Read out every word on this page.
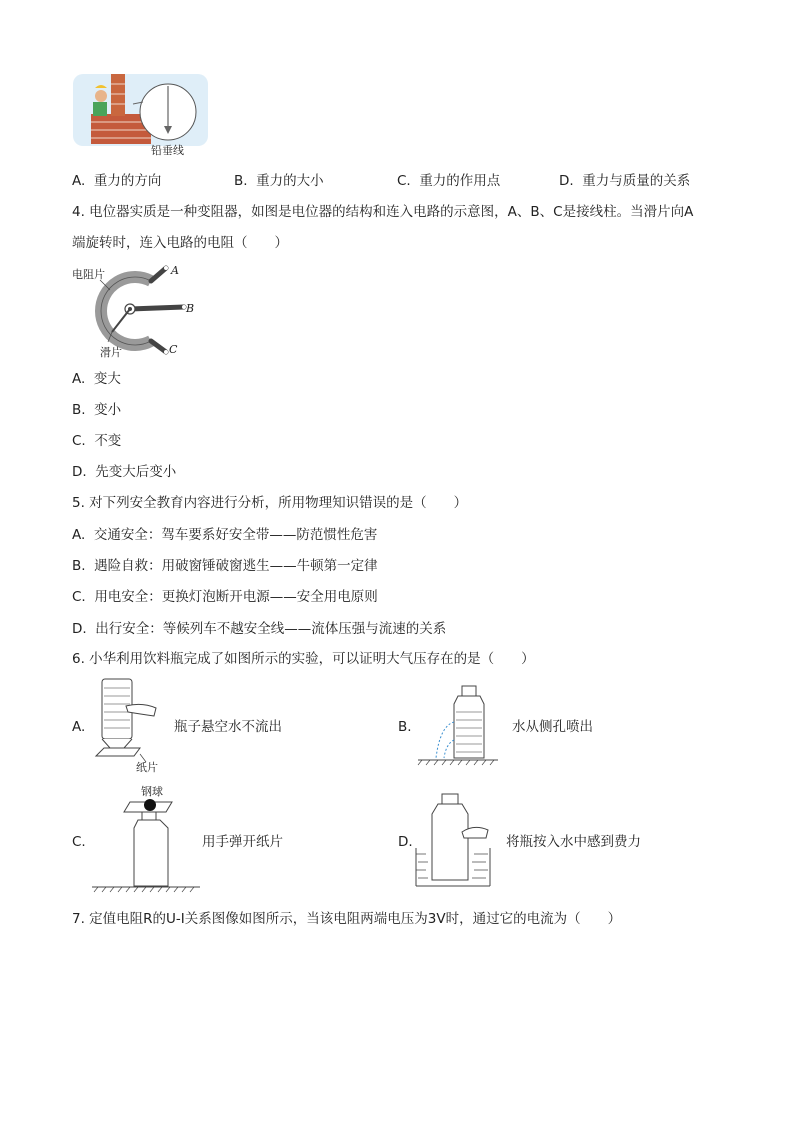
铅垂线
A. 重力的方向	B. 重力的大小	C. 重力的作用点	D. 重力与质量的关系
4. 电位器实质是一种变阻器，如图是电位器的结构和连入电路的示意图，A、B、C是接线柱。当滑片向A
端旋转时，连入电路的电阻（　　）
电阻片
滑片
A
B
C
A. 变大
B. 变小
C. 不变
D. 先变大后变小
5. 对下列安全教育内容进行分析，所用物理知识错误的是（　　）
A. 交通安全：驾车要系好安全带——防范惯性危害
B. 遇险自救：用破窗锤破窗逃生——牛顿第一定律
C. 用电安全：更换灯泡断开电源——安全用电原则
D. 出行安全：等候列车不越安全线——流体压强与流速的关系
6. 小华利用饮料瓶完成了如图所示的实验，可以证明大气压存在的是（　　）
A.
纸片
瓶子悬空水不流出	B.	水从侧孔喷出
C.
钢球
用手弹开纸片	D.	将瓶按入水中感到费力
7. 定值电阻R的U-I关系图像如图所示，当该电阻两端电压为3V时，通过它的电流为（　　）
